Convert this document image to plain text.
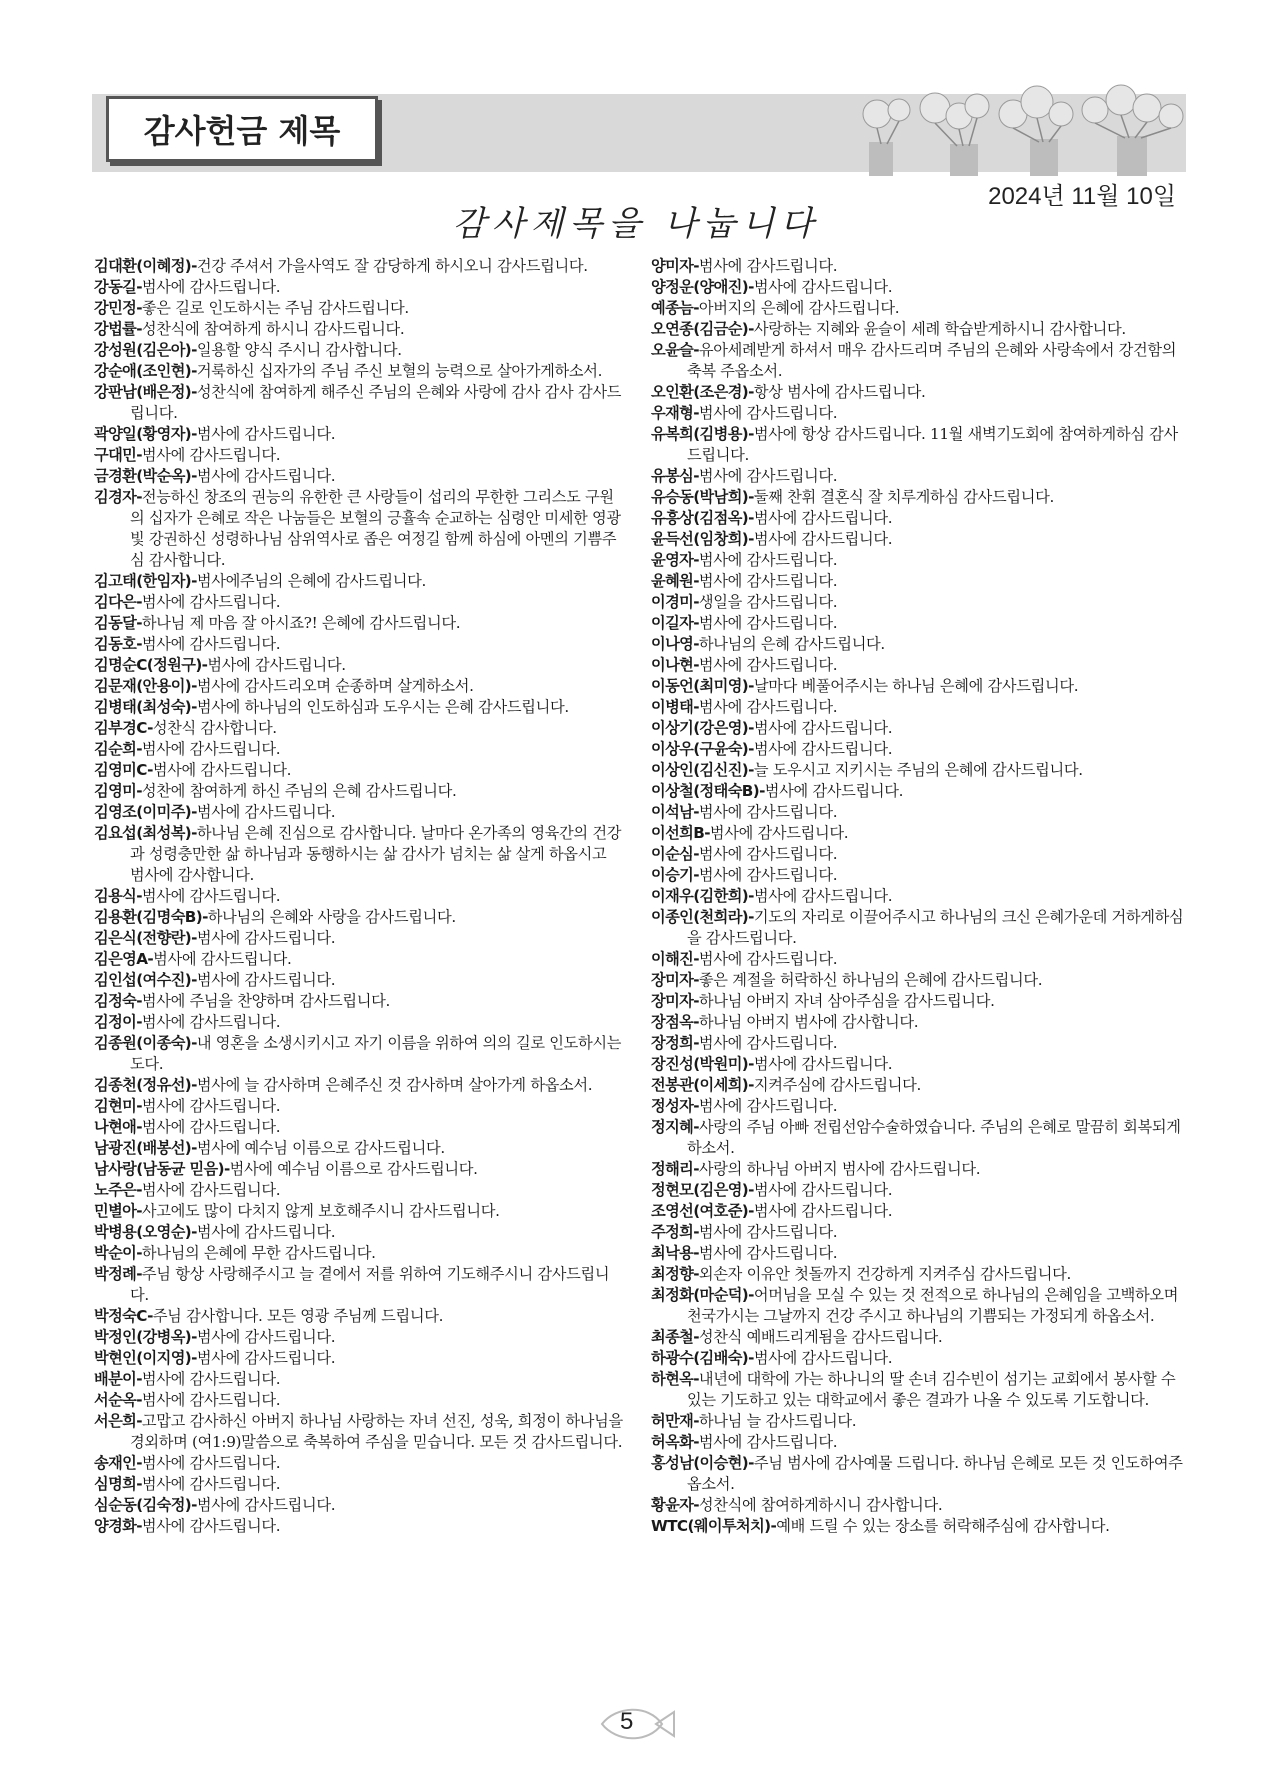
감사헌금 제목
2024년 11월 10일
감사제목을 나눕니다
김대환(이혜정)-건강 주셔서 가을사역도 잘 감당하게 하시오니 감사드립니다.
강동길-범사에 감사드립니다.
강민정-좋은 길로 인도하시는 주님 감사드립니다.
강법률-성찬식에 참여하게 하시니 감사드립니다.
강성원(김은아)-일용할 양식 주시니 감사합니다.
강순애(조인현)-거룩하신 십자가의 주님 주신 보혈의 능력으로 살아가게하소서.
강판남(배은정)-성찬식에 참여하게 해주신 주님의 은혜와 사랑에 감사 감사 감사드립니다.
곽양일(황영자)-범사에 감사드립니다.
구대민-범사에 감사드립니다.
금경환(박순옥)-범사에 감사드립니다.
김경자-전능하신 창조의 권능의 유한한 큰 사랑들이 섭리의 무한한 그리스도 구원의 십자가 은혜로 작은 나눔들은 보혈의 긍휼속 순교하는 심령안 미세한 영광빛 강권하신 성령하나님 삼위역사로 좁은 여정길 함께 하심에 아멘의 기쁨주심 감사합니다.
김고태(한임자)-범사에주님의 은혜에 감사드립니다.
김다은-범사에 감사드립니다.
김동달-하나님 제 마음 잘 아시죠?! 은혜에 감사드립니다.
김동호-범사에 감사드립니다.
김명순C(정원구)-범사에 감사드립니다.
김문재(안용이)-범사에 감사드리오며 순종하며 살게하소서.
김병태(최성숙)-범사에 하나님의 인도하심과 도우시는 은혜 감사드립니다.
김부경C-성찬식 감사합니다.
김순희-범사에 감사드립니다.
김영미C-범사에 감사드립니다.
김영미-성찬에 참여하게 하신 주님의 은혜 감사드립니다.
김영조(이미주)-범사에 감사드립니다.
김요섭(최성복)-하나님 은혜 진심으로 감사합니다. 날마다 온가족의 영육간의 건강과 성령충만한 삶 하나님과 동행하시는 삶 감사가 넘치는 삶 살게 하옵시고 범사에 감사합니다.
김용식-범사에 감사드립니다.
김용환(김명숙B)-하나님의 은혜와 사랑을 감사드립니다.
김은식(전향란)-범사에 감사드립니다.
김은영A-범사에 감사드립니다.
김인섭(여수진)-범사에 감사드립니다.
김정숙-범사에 주님을 찬양하며 감사드립니다.
김정이-범사에 감사드립니다.
김종원(이종숙)-내 영혼을 소생시키시고 자기 이름을 위하여 의의 길로 인도하시는도다.
김종천(정유선)-범사에 늘 감사하며 은혜주신 것 감사하며 살아가게 하옵소서.
김현미-범사에 감사드립니다.
나현애-범사에 감사드립니다.
남광진(배봉선)-범사에 예수님 이름으로 감사드립니다.
남사랑(남동균 믿음)-범사에 예수님 이름으로 감사드립니다.
노주은-범사에 감사드립니다.
민별아-사고에도 많이 다치지 않게 보호해주시니 감사드립니다.
박병용(오영순)-범사에 감사드립니다.
박순이-하나님의 은혜에 무한 감사드립니다.
박정례-주님 항상 사랑해주시고 늘 곁에서 저를 위하여 기도해주시니 감사드립니다.
박정숙C-주님 감사합니다. 모든 영광 주님께 드립니다.
박정인(강병옥)-범사에 감사드립니다.
박현인(이지영)-범사에 감사드립니다.
배분이-범사에 감사드립니다.
서순옥-범사에 감사드립니다.
서은희-고맙고 감사하신 아버지 하나님 사랑하는 자녀 선진, 성욱, 희정이 하나님을 경외하며 (여1:9)말씀으로 축복하여 주심을 믿습니다. 모든 것 감사드립니다.
송재인-범사에 감사드립니다.
심명희-범사에 감사드립니다.
심순동(김숙정)-범사에 감사드립니다.
양경화-범사에 감사드립니다.
양미자-범사에 감사드립니다.
양정운(양애진)-범사에 감사드립니다.
예종늠-아버지의 은혜에 감사드립니다.
오연종(김금순)-사랑하는 지혜와 윤슬이 세례 학습받게하시니 감사합니다.
오윤슬-유아세례받게 하셔서 매우 감사드리며 주님의 은혜와 사랑속에서 강건함의 축복 주옵소서.
오인환(조은경)-항상 범사에 감사드립니다.
우재형-범사에 감사드립니다.
유복희(김병용)-범사에 항상 감사드립니다. 11월 새벽기도회에 참여하게하심 감사드립니다.
유봉심-범사에 감사드립니다.
유승동(박남희)-둘째 찬휘 결혼식 잘 치루게하심 감사드립니다.
유흥상(김점옥)-범사에 감사드립니다.
윤득선(임창희)-범사에 감사드립니다.
윤영자-범사에 감사드립니다.
윤혜원-범사에 감사드립니다.
이경미-생일을 감사드립니다.
이길자-범사에 감사드립니다.
이나영-하나님의 은혜 감사드립니다.
이나현-범사에 감사드립니다.
이동언(최미영)-날마다 베풀어주시는 하나님 은혜에 감사드립니다.
이병태-범사에 감사드립니다.
이상기(강은영)-범사에 감사드립니다.
이상우(구윤숙)-범사에 감사드립니다.
이상인(김신진)-늘 도우시고 지키시는 주님의 은혜에 감사드립니다.
이상철(정태숙B)-범사에 감사드립니다.
이석남-범사에 감사드립니다.
이선희B-범사에 감사드립니다.
이순심-범사에 감사드립니다.
이승기-범사에 감사드립니다.
이재우(김한희)-범사에 감사드립니다.
이종인(천희라)-기도의 자리로 이끌어주시고 하나님의 크신 은혜가운데 거하게하심을 감사드립니다.
이해진-범사에 감사드립니다.
장미자-좋은 계절을 허락하신 하나님의 은혜에 감사드립니다.
장미자-하나님 아버지 자녀 삼아주심을 감사드립니다.
장점옥-하나님 아버지 범사에 감사합니다.
장정희-범사에 감사드립니다.
장진성(박원미)-범사에 감사드립니다.
전봉관(이세희)-지켜주심에 감사드립니다.
정성자-범사에 감사드립니다.
정지혜-사랑의 주님 아빠 전립선암수술하였습니다. 주님의 은혜로 말끔히 회복되게 하소서.
정해리-사랑의 하나님 아버지 범사에 감사드립니다.
정현모(김은영)-범사에 감사드립니다.
조영선(여호준)-범사에 감사드립니다.
주정희-범사에 감사드립니다.
최낙용-범사에 감사드립니다.
최정향-외손자 이유안 첫돌까지 건강하게 지켜주심 감사드립니다.
최정화(마순덕)-어머님을 모실 수 있는 것 전적으로 하나님의 은혜임을 고백하오며 천국가시는 그날까지 건강 주시고 하나님의 기쁨되는 가정되게 하옵소서.
최종철-성찬식 예배드리게됨을 감사드립니다.
하광수(김배숙)-범사에 감사드립니다.
하현옥-내년에 대학에 가는 하나니의 딸 손녀 김수빈이 섬기는 교회에서 봉사할 수 있는 기도하고 있는 대학교에서 좋은 결과가 나올 수 있도록 기도합니다.
허만재-하나님 늘 감사드립니다.
허옥화-범사에 감사드립니다.
홍성남(이승현)-주님 범사에 감사예물 드립니다. 하나님 은혜로 모든 것 인도하여주옵소서.
황윤자-성찬식에 참여하게하시니 감사합니다.
WTC(웨이투처치)-예배 드릴 수 있는 장소를 허락해주심에 감사합니다.
5
